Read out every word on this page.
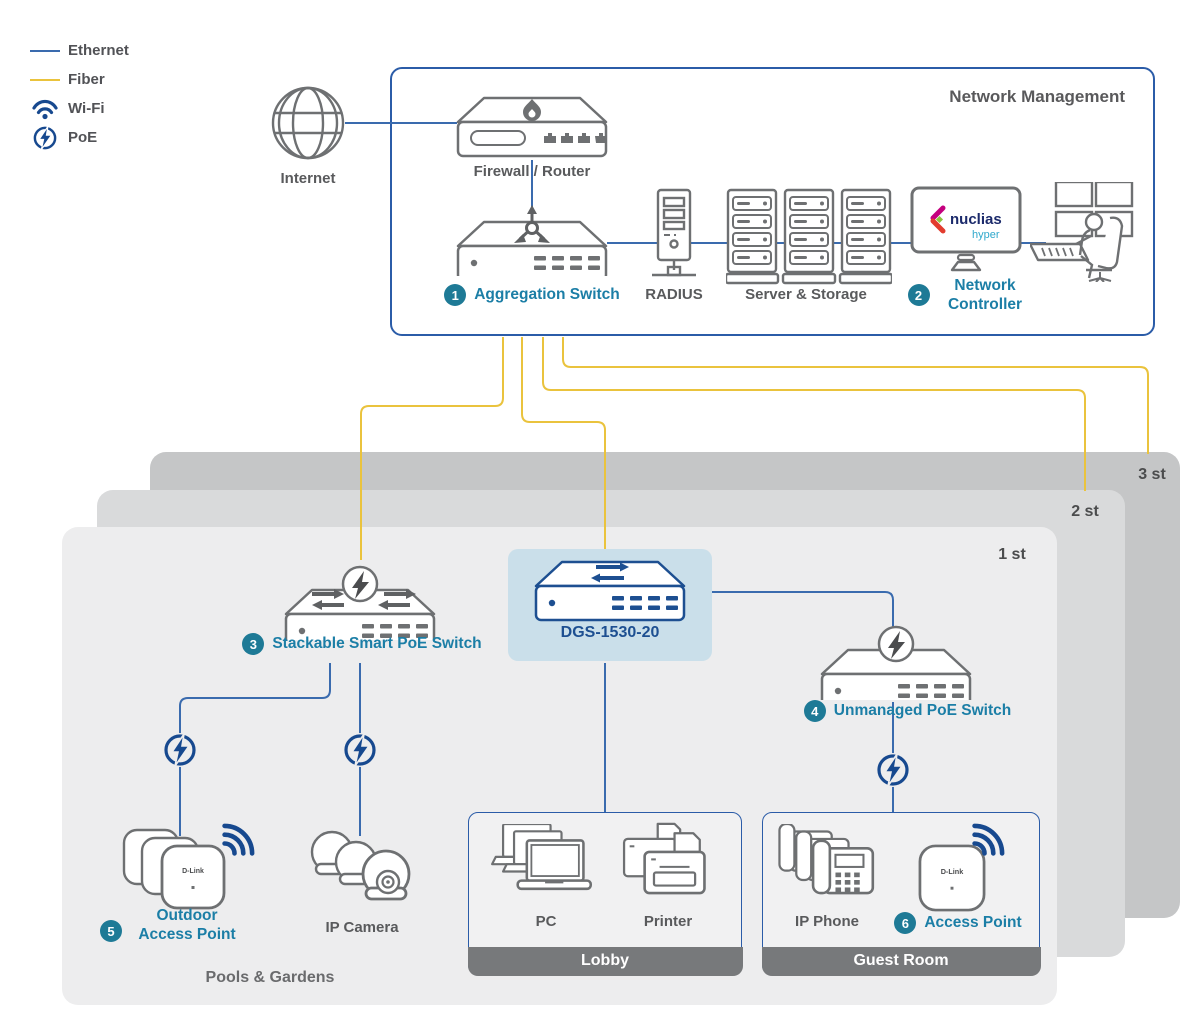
3 st
2 st
1 st
Network Management
Ethernet
Fiber
Wi-Fi
PoE
Internet	Firewall / Router
1 Aggregation Switch	RADIUS	Server & Storage
nuclias
hyper
2
Network Controller
3 Stackable Smart PoE Switch
DGS-1530-20
4 Unmanaged PoE Switch
D-Link
5
Outdoor Access Point	IP Camera
Lobby
PC	Printer
Guest Room
IP Phone
D-Link
6 Access Point
Pools & Gardens
